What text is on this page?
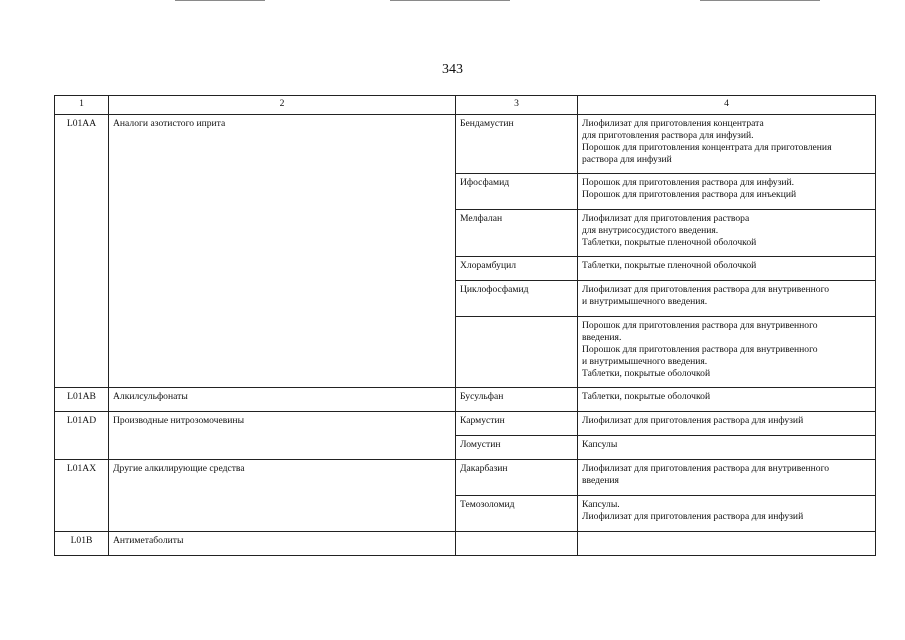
343
1	2	3	4
L01AA	Аналоги азотистого иприта	Бендамустин	Лиофилизат для приготовления концентрата
для приготовления раствора для инфузий.
Порошок для приготовления концентрата для приготовления
раствора для инфузий

		Ифосфамид	Порошок для приготовления раствора для инфузий.
Порошок для приготовления раствора для инъекций

		Мелфалан	Лиофилизат для приготовления раствора
для внутрисосудистого введения.
Таблетки, покрытые пленочной оболочкой

		Хлорамбуцил	Таблетки, покрытые пленочной оболочкой

		Циклофосфамид	Лиофилизат для приготовления раствора для внутривенного
и внутримышечного введения.

			Порошок для приготовления раствора для внутривенного
введения.
Порошок для приготовления раствора для внутривенного
и внутримышечного введения.
Таблетки, покрытые оболочкой

L01AB	Алкилсульфонаты	Бусульфан	Таблетки, покрытые оболочкой

L01AD	Производные нитрозомочевины	Кармустин	Лиофилизат для приготовления раствора для инфузий

		Ломустин	Капсулы

L01AX	Другие алкилирующие средства	Дакарбазин	Лиофилизат для приготовления раствора для внутривенного
введения

		Темозоломид	Капсулы.
Лиофилизат для приготовления раствора для инфузий

L01B	Антиметаболиты		
